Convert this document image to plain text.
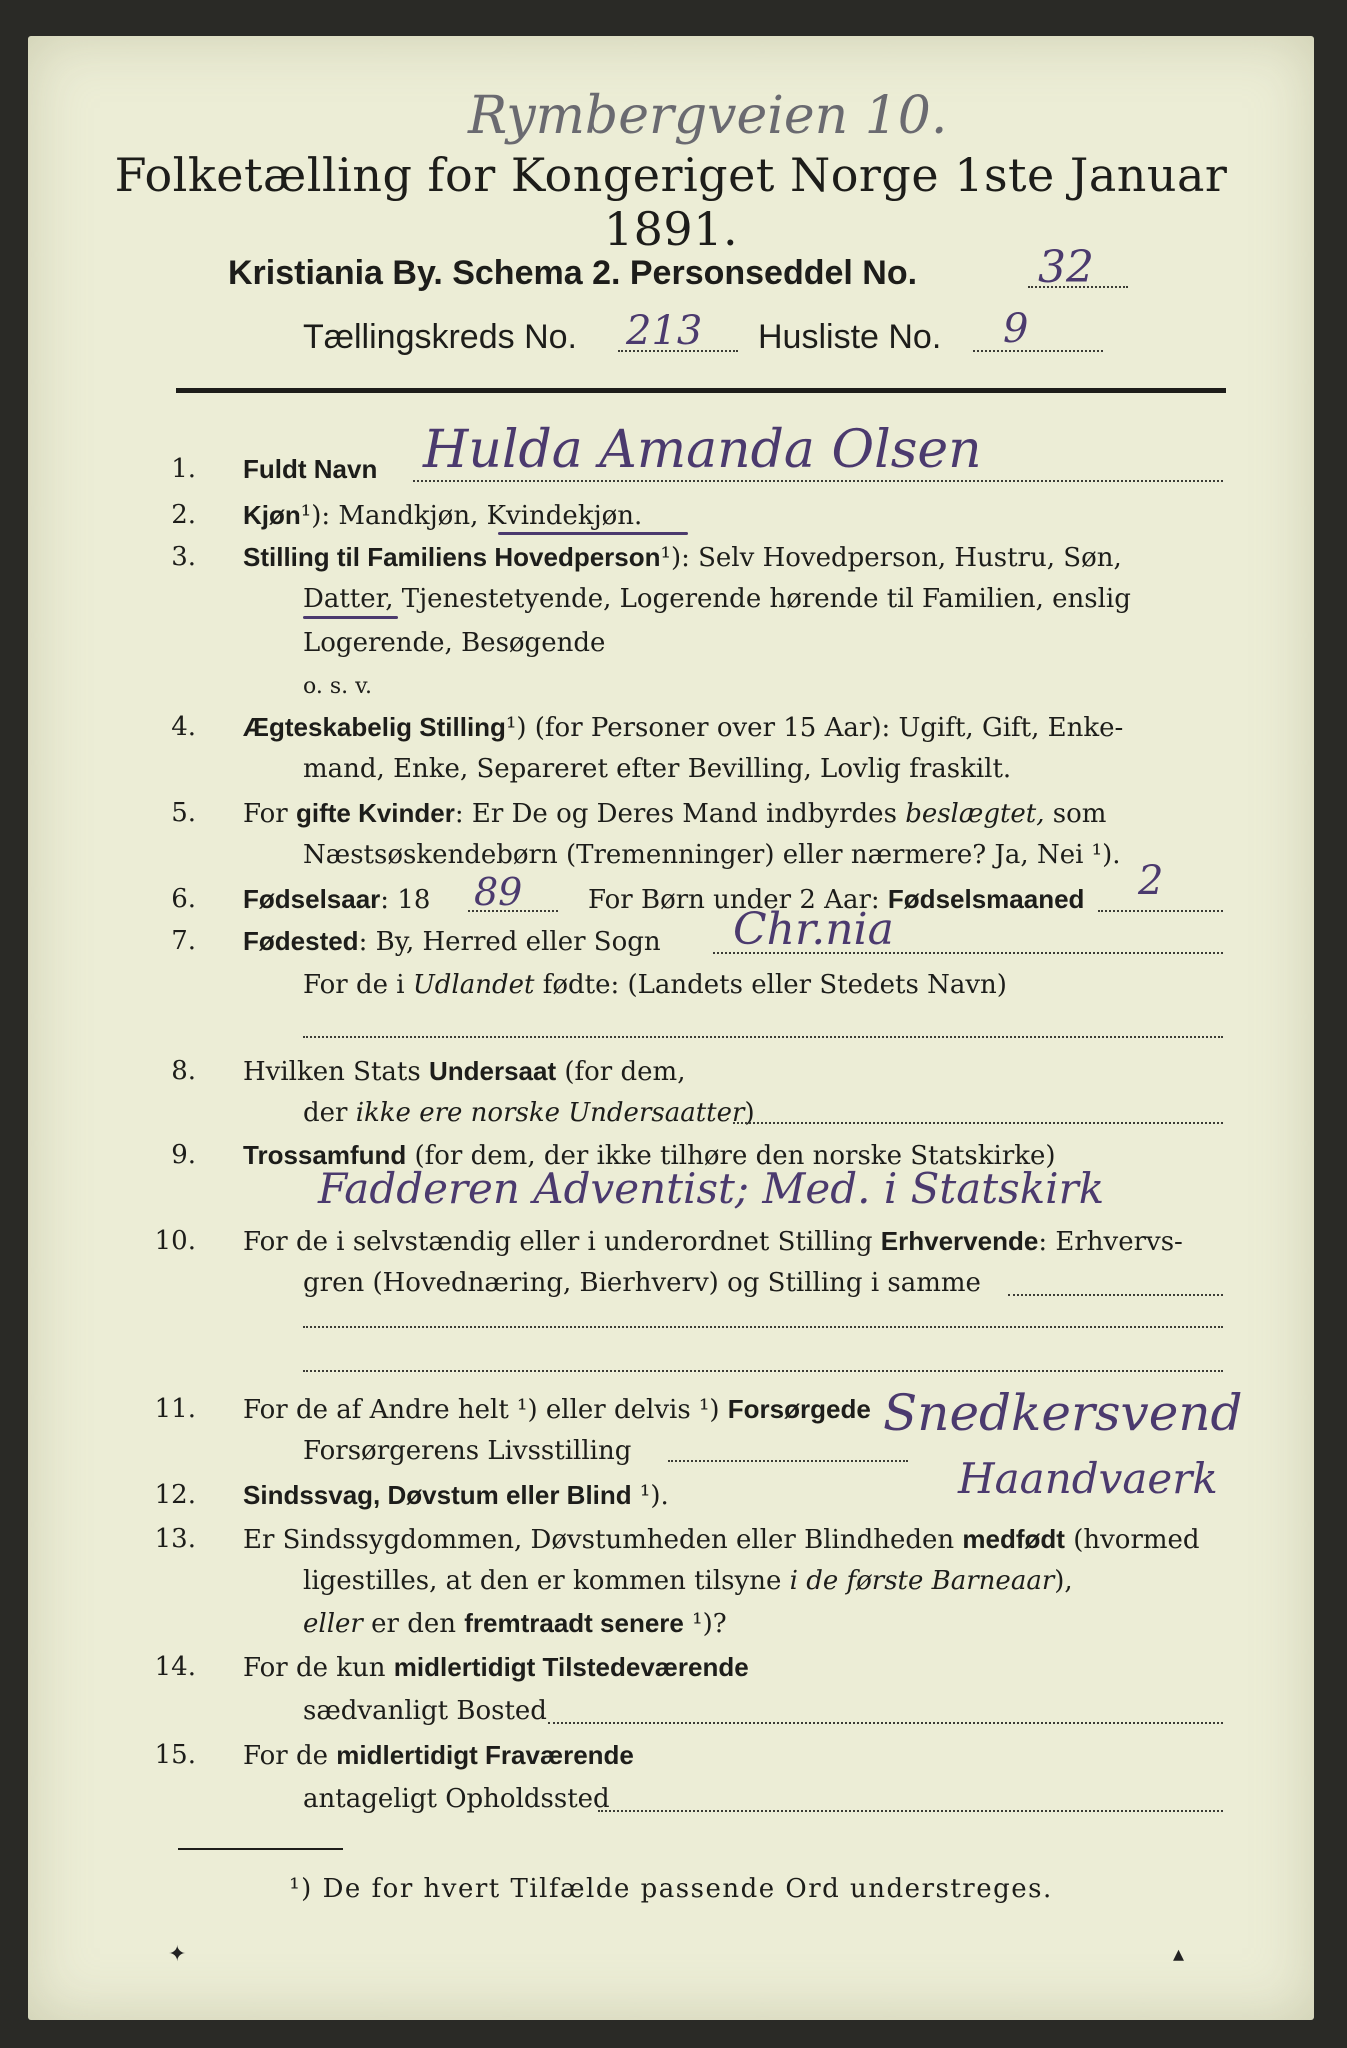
Rymbergveien 10.
Folketælling for Kongeriget Norge 1ste Januar 1891.
Kristiania By. Schema 2. Personseddel No.	32
Tællingskreds No. 213 Husliste No. 9
1. Fuldt Navn Hulda Amanda Olsen
2. Kjøn¹): Mandkjøn, Kvindekjøn.
3. Stilling til Familiens Hovedperson¹): Selv Hovedperson, Hustru, Søn,
Datter, Tjenestetyende, Logerende hørende til Familien, enslig
Logerende, Besøgende
o. s. v.
4. Ægteskabelig Stilling¹) (for Personer over 15 Aar): Ugift, Gift, Enke-
mand, Enke, Separeret efter Bevilling, Lovlig fraskilt.
5. For gifte Kvinder: Er De og Deres Mand indbyrdes beslægtet, som
Næstsøskendebørn (Tremenninger) eller nærmere? Ja, Nei ¹).
6. Fødselsaar: 18	For Børn under 2 Aar: Fødselsmaaned
89	2
7. Fødested: By, Herred eller Sogn Chr.nia
For de i Udlandet fødte: (Landets eller Stedets Navn)
8. Hvilken Stats Undersaat (for dem,
der ikke ere norske Undersaatter)
9. Trossamfund (for dem, der ikke tilhøre den norske Statskirke)
Fadderen Adventist; Med. i Statskirk
10. For de i selvstændig eller i underordnet Stilling Erhvervende: Erhvervs-
gren (Hovednæring, Bierhverv) og Stilling i samme
11. For de af Andre helt ¹) eller delvis ¹) Forsørgede
Forsørgerens Livsstilling
Snedkersvend
Haandvaerk
12. Sindssvag, Døvstum eller Blind ¹).
13. Er Sindssygdommen, Døvstumheden eller Blindheden medfødt (hvormed
ligestilles, at den er kommen tilsyne i de første Barneaar),
eller er den fremtraadt senere ¹)?
14. For de kun midlertidigt Tilstedeværende
sædvanligt Bosted
15. For de midlertidigt Fraværende
antageligt Opholdssted
¹) De for hvert Tilfælde passende Ord understreges.
✦	▴
